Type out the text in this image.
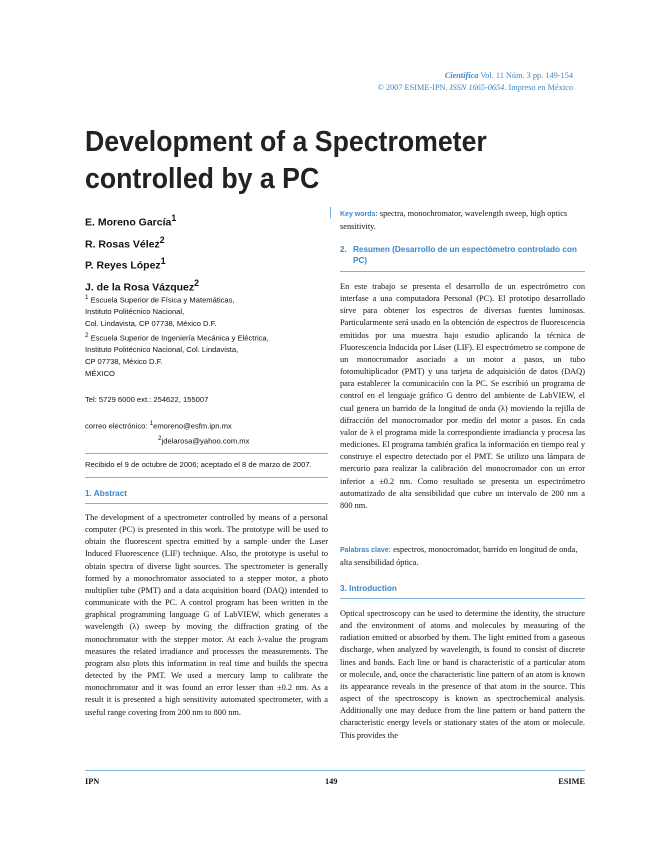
Científica Vol. 11 Núm. 3 pp. 149-154
© 2007 ESIME-IPN. ISSN 1665-0654. Impreso en México
Development of a Spectrometer controlled by a PC
E. Moreno García$^1$
R. Rosas Vélez$^2$
P. Reyes López$^1$
J. de la Rosa Vázquez$^2$
$^1$ Escuela Superior de Física y Matemáticas,
Instituto Politécnico Nacional,
Col. Lindavista, CP 07738, México D.F.
$^2$ Escuela Superior de Ingeniería Mecánica y Eléctrica,
Instituto Politécnico Nacional, Col. Lindavista,
CP 07738, México D.F.
MÉXICO
Tel: 5729 6000 ext.: 254622, 155007
correo electrónico: $^1$emoreno@esfm.ipn.mx
$^2$jdelarosa@yahoo.com.mx
Recibido el 9 de octubre de 2006; aceptado el 8 de marzo de 2007.
1. Abstract

The development of a spectrometer controlled by means of a personal computer (PC) is presented in this work. The prototype will be used to obtain the fluorescent spectra emitted by a sample under the Laser Induced Fluorescence (LIF) technique. Also, the prototype is useful to obtain spectra of diverse light sources. The spectrometer is generally formed by a monochromator associated to a stepper motor, a photo multiplier tube (PMT) and a data acquisition board (DAQ) intended to communicate with the PC. A control program has been written in the graphical programming language G of LabVIEW, which generates a wavelength (λ) sweep by moving the diffraction grating of the monochromator with the stepper motor. At each λ-value the program measures the related irradiance and processes the measurements. The program also plots this information in real time and builds the spectra detected by the PMT. We used a mercury lamp to calibrate the monochromator and it was found an error lesser than ±0.2 nm. As a result it is presented a high sensitivity automated spectrometer, with a useful range covering from 200 nm to 800 nm.

Key words: spectra, monochromator, wavelength sweep, high optics sensitivity.
2. Resumen (Desarrollo de un espectómetro controlado con PC)

En este trabajo se presenta el desarrollo de un espectrómetro con interfase a una computadora Personal (PC). El prototipo desarrollado sirve para obtener los espectros de diversas fuentes luminosas. Particularmente será usado en la obtención de espectros de fluorescencia emitidos por una muestra bajo estudio aplicando la técnica de Fluorescencia Inducida por Láser (LIF). El espectrómetro se compone de un monocromador asociado a un motor a pasos, un tubo fotomultiplicador (PMT) y una tarjeta de adquisición de datos (DAQ) para establecer la comunicación con la PC. Se escribió un programa de control en el lenguaje gráfico G dentro del ambiente de LabVIEW, el cual genera un barrido de la longitud de onda (λ) moviendo la rejilla de difracción del monocromador por medio del motor a pasos. En cada valor de λ el programa mide la correspondiente irradiancia y procesa las mediciones. El programa también grafica la información en tiempo real y construye el espectro detectado por el PMT. Se utilizo una lámpara de mercurio para realizar la calibración del monocromador con un error inferior a ±0.2 nm. Como resultado se presenta un espectrómetro automatizado de alta sensibilidad que cubre un intervalo de 200 nm a 800 nm.

Palabras clave: espectros, monocromador, barrido en longitud de onda, alta sensibilidad óptica.
3. Introduction

Optical spectroscopy can be used to determine the identity, the structure and the environment of atoms and molecules by measuring of the radiation emitted or absorbed by them. The light emitted from a gaseous discharge, when analyzed by wavelength, is found to consist of discrete lines and bands. Each line or band is characteristic of a particular atom or molecule, and, once the characteristic line pattern of an atom is known its appearance reveals in the presence of that atom in the source. This aspect of the spectroscopy is known as spectrochemical analysis. Additionally one may deduce from the line pattern or band pattern the characteristic energy levels or stationary states of the atom or molecule. This provides the

IPN	149	ESIME
